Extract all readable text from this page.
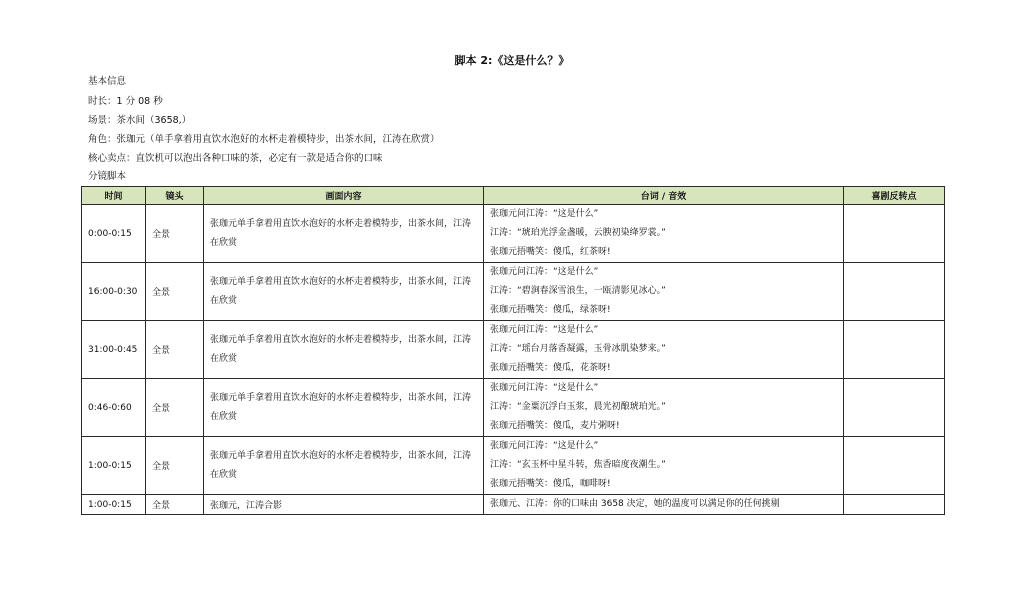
脚本 2:《这是什么？》
基本信息
时长：1 分 08 秒
场景：茶水间（3658,）
角色：张珈元（单手拿着用直饮水泡好的水杯走着模特步，出茶水间，江涛在欣赏）
核心卖点：直饮机可以泡出各种口味的茶，必定有一款是适合你的口味
分镜脚本
时间	镜头	画面内容	台词 / 音效	喜剧反转点
0:00-0:15	全景	张珈元单手拿着用直饮水泡好的水杯走着模特步，出茶水间，江涛在欣赏	张珈元问江涛：“这是什么”
江涛：“琥珀光浮金盏暖，云腴初染绛罗裳。”
张珈元捂嘴笑：傻瓜，红茶呀!	

16:00-0:30	全景	张珈元单手拿着用直饮水泡好的水杯走着模特步，出茶水间，江涛在欣赏	张珈元问江涛：“这是什么”
江涛：“碧涧春深雪浪生，一瓯清影见冰心。”
张珈元捂嘴笑：傻瓜，绿茶呀!	

31:00-0:45	全景	张珈元单手拿着用直饮水泡好的水杯走着模特步，出茶水间，江涛在欣赏	张珈元问江涛：“这是什么”
江涛：“瑶台月落香凝露，玉骨冰肌染梦来。”
张珈元捂嘴笑：傻瓜，花茶呀!	

0:46-0:60	全景	张珈元单手拿着用直饮水泡好的水杯走着模特步，出茶水间，江涛在欣赏	张珈元问江涛：“这是什么”
江涛：“金粟沉浮白玉浆，晨光初酿琥珀光。”
张珈元捂嘴笑：傻瓜，麦片粥呀!	

1:00-0:15	全景	张珈元单手拿着用直饮水泡好的水杯走着模特步，出茶水间，江涛在欣赏	张珈元问江涛：“这是什么”
江涛：“玄玉杯中星斗转，焦香暗度夜潮生。”
张珈元捂嘴笑：傻瓜，咖啡呀!	

1:00-0:15	全景	张珈元，江涛合影	张珈元、江涛：你的口味由 3658 决定，她的温度可以满足你的任何挑剔	
